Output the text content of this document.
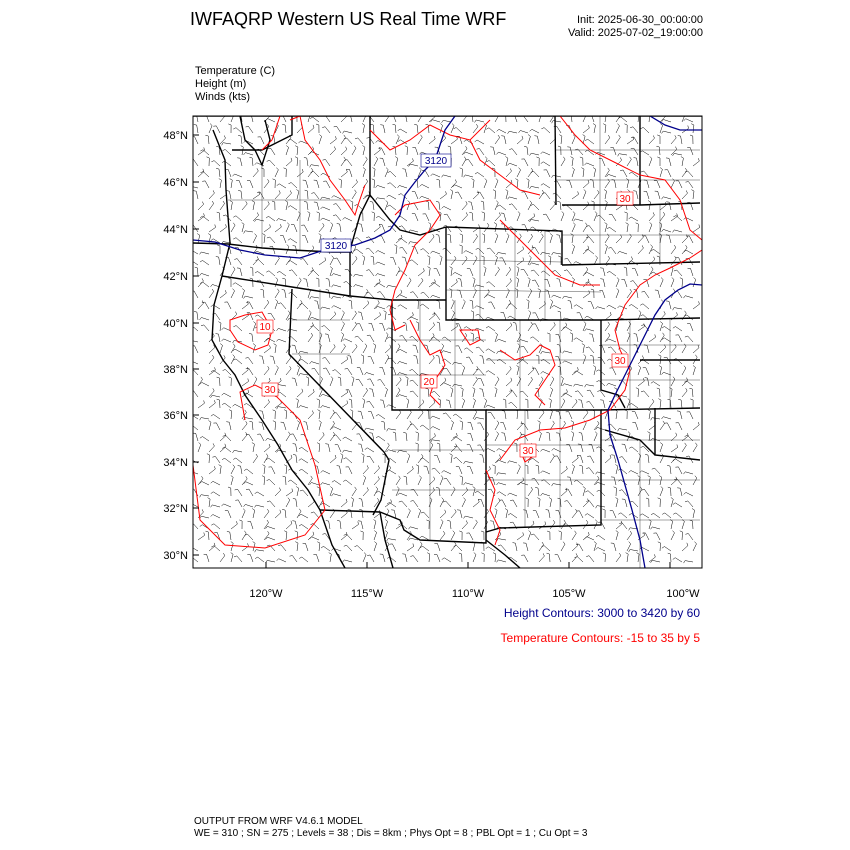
IWFAQRP Western US Real Time WRF	Init: 2025-06-30_00:00:00
Valid: 2025-07-02_19:00:00
Temperature (C)
Height (m)
Winds (kts)
48°N
46°N
44°N
42°N
40°N
38°N
36°N
34°N
32°N
30°N
120°W	115°W	110°W	105°W	100°W
3120
3120
10
30
30
30
30
20
Height Contours: 3000 to 3420 by 60
Temperature Contours: -15 to 35 by 5
OUTPUT FROM WRF V4.6.1 MODEL
WE = 310 ; SN = 275 ; Levels = 38 ; Dis = 8km ; Phys Opt = 8 ; PBL Opt = 1 ; Cu Opt = 3
